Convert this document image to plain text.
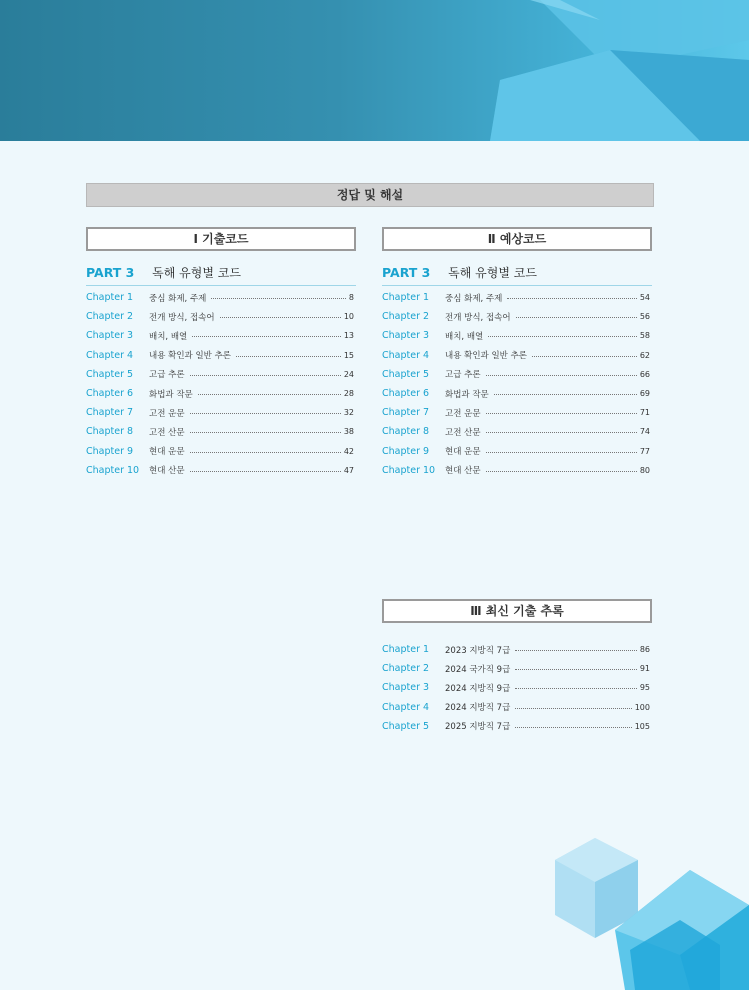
정답 및 해설
Ⅰ 기출코드
PART 3 독해 유형별 코드
Chapter 1	중심 화제, 주제	8
Chapter 2	전개 방식, 접속어	10
Chapter 3	배치, 배열	13
Chapter 4	내용 확인과 일반 추론	15
Chapter 5	고급 추론	24
Chapter 6	화법과 작문	28
Chapter 7	고전 운문	32
Chapter 8	고전 산문	38
Chapter 9	현대 운문	42
Chapter 10	현대 산문	47
Ⅱ 예상코드
PART 3 독해 유형별 코드
Chapter 1	중심 화제, 주제	54
Chapter 2	전개 방식, 접속어	56
Chapter 3	배치, 배열	58
Chapter 4	내용 확인과 일반 추론	62
Chapter 5	고급 추론	66
Chapter 6	화법과 작문	69
Chapter 7	고전 운문	71
Chapter 8	고전 산문	74
Chapter 9	현대 운문	77
Chapter 10	현대 산문	80
Ⅲ 최신 기출 추록
Chapter 1	2023 지방직 7급	86
Chapter 2	2024 국가직 9급	91
Chapter 3	2024 지방직 9급	95
Chapter 4	2024 지방직 7급	100
Chapter 5	2025 지방직 7급	105
